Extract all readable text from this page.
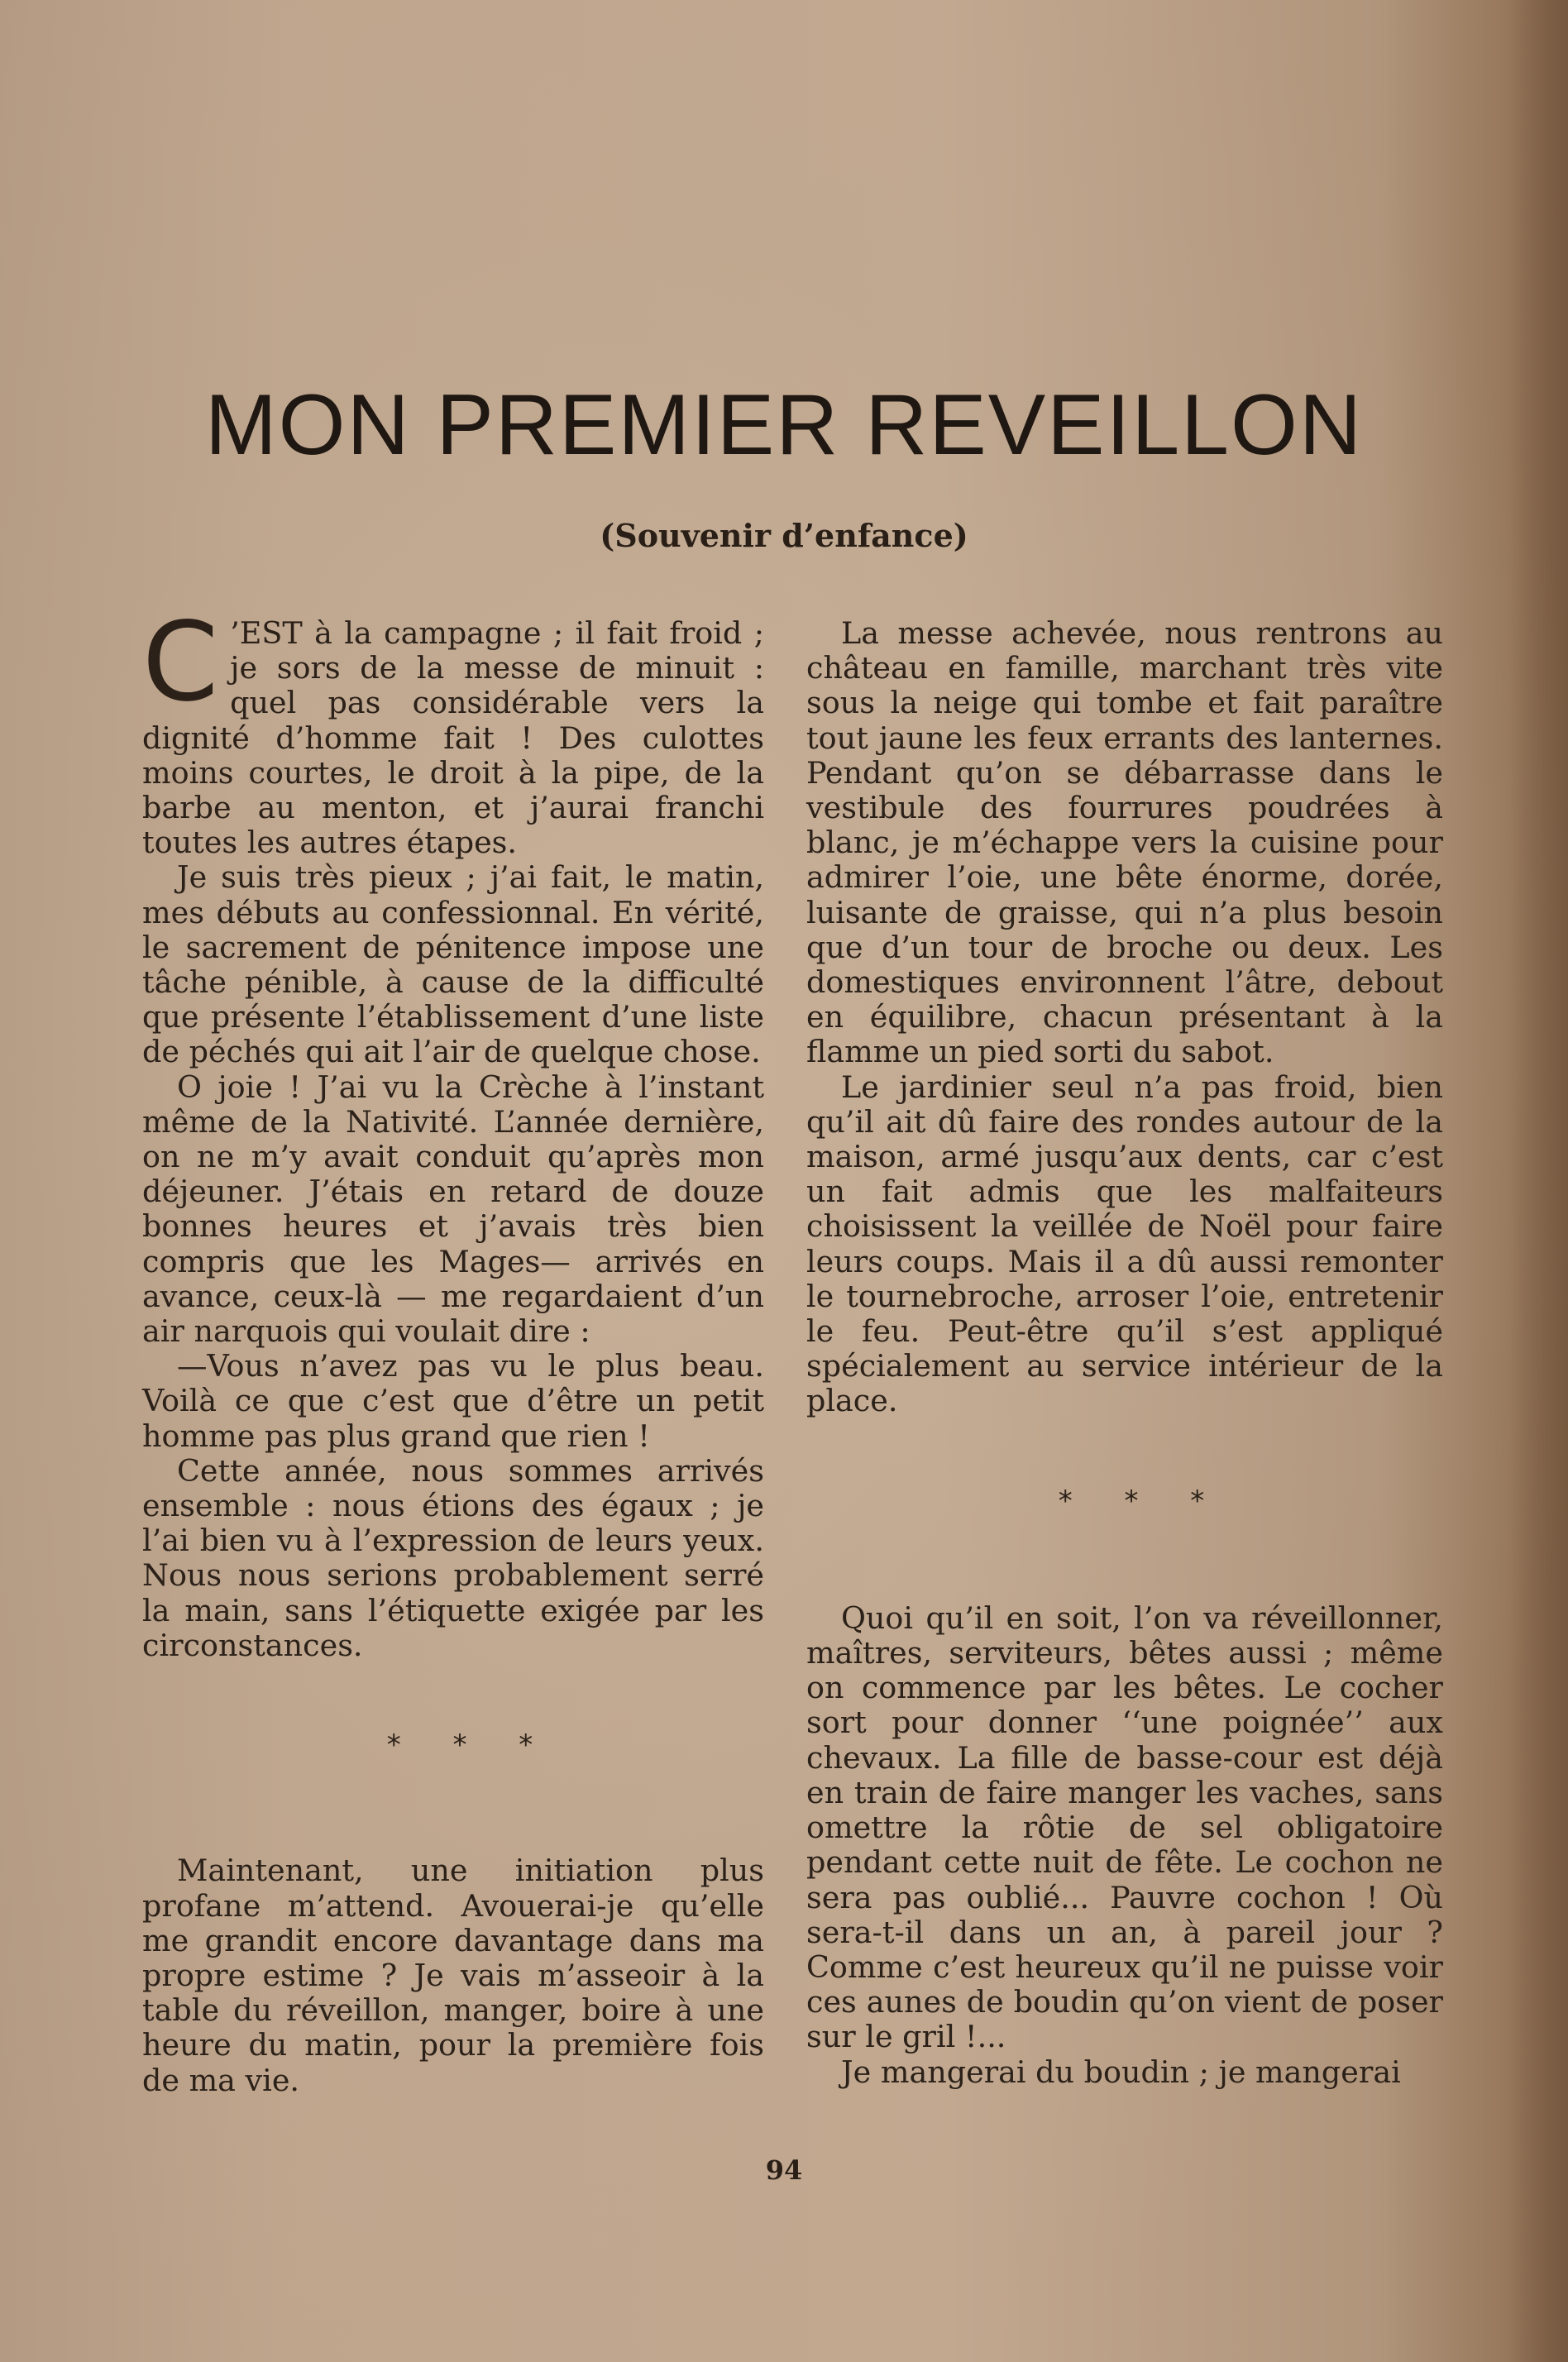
MON PREMIER REVEILLON
(Souvenir d’enfance)

C ’EST à la campagne ; il fait froid ; je sors de la messe de minuit : quel pas considérable vers la dignité d’homme fait ! Des culottes moins courtes, le droit à la pipe, de la barbe au menton, et j’aurai franchi toutes les autres étapes.

Je suis très pieux ; j’ai fait, le matin, mes débuts au confessionnal. En vérité, le sacrement de pénitence impose une tâche pénible, à cause de la difficulté que présente l’établissement d’une liste de péchés qui ait l’air de quelque chose.

O joie ! J’ai vu la Crèche à l’instant même de la Nativité. L’année dernière, on ne m’y avait conduit qu’après mon déjeuner. J’étais en retard de douze bonnes heures et j’avais très bien compris que les Mages— arrivés en avance, ceux-là — me regardaient d’un air narquois qui voulait dire :

—Vous n’avez pas vu le plus beau. Voilà ce que c’est que d’être un petit homme pas plus grand que rien !

Cette année, nous sommes arrivés ensemble : nous étions des égaux ; je l’ai bien vu à l’expression de leurs yeux. Nous nous serions probablement serré la main, sans l’étiquette exigée par les circonstances.

* * *

Maintenant, une initiation plus profane m’attend. Avouerai-je qu’elle me grandit encore davantage dans ma propre estime ? Je vais m’asseoir à la table du réveillon, manger, boire à une heure du matin, pour la première fois de ma vie.

La messe achevée, nous rentrons au château en famille, marchant très vite sous la neige qui tombe et fait paraître tout jaune les feux errants des lanternes. Pendant qu’on se débarrasse dans le vestibule des fourrures poudrées à blanc, je m’échappe vers la cuisine pour admirer l’oie, une bête énorme, dorée, luisante de graisse, qui n’a plus besoin que d’un tour de broche ou deux. Les domestiques environnent l’âtre, debout en équilibre, chacun présentant à la flamme un pied sorti du sabot.

Le jardinier seul n’a pas froid, bien qu’il ait dû faire des rondes autour de la maison, armé jusqu’aux dents, car c’est un fait admis que les malfaiteurs choisissent la veillée de Noël pour faire leurs coups. Mais il a dû aussi remonter le tournebroche, arroser l’oie, entretenir le feu. Peut-être qu’il s’est appliqué spécialement au service intérieur de la place.

* * *

Quoi qu’il en soit, l’on va réveillonner, maîtres, serviteurs, bêtes aussi ; même on commence par les bêtes. Le cocher sort pour donner ‘‘une poignée’’ aux chevaux. La fille de basse-cour est déjà en train de faire manger les vaches, sans omettre la rôtie de sel obligatoire pendant cette nuit de fête. Le cochon ne sera pas oublié... Pauvre cochon ! Où sera-t-il dans un an, à pareil jour ? Comme c’est heureux qu’il ne puisse voir ces aunes de boudin qu’on vient de poser sur le gril !...

Je mangerai du boudin ; je mangerai

94
